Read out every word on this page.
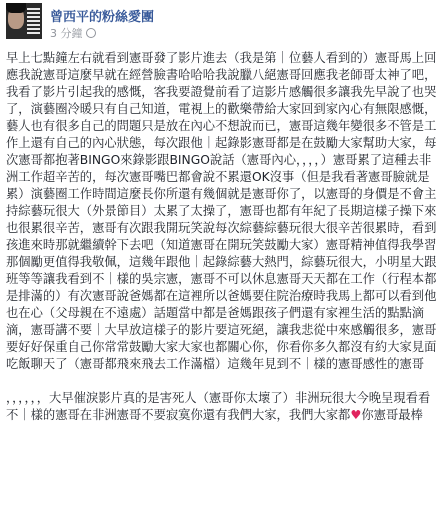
曾西平的粉絲愛團
3 分鐘

早上七點鐘左右就看到憲哥發了影片進去（我是第｜位藝人看到的）憲哥馬上回應我說憲哥這麼早就在經營臉書哈哈哈我說臘八絕憲哥回應我老師哥太神了吧，我看了影片引起我的感慨，客我要證覺前看了這影片感觸很多讓我先早說了也哭了，演藝圈冷暖只有自己知道，電視上的歡樂帶給大家回到家內心有無限感慨，藝人也有很多自己的問題只是放在內心不想說而已，憲哥這幾年變很多不管是工作上還有自己的內心狀態，每次跟他｜起錄影憲哥都是在鼓勵大家幫助大家，每次憲哥都抱著BINGO來錄影跟BINGO說話（憲哥內心，，，，）憲哥累了這種去非洲工作超辛苦的，每次憲哥嘴巴都會說不累還OK沒事（但是我看著憲哥臉就是累）演藝圈工作時間這麼長你所還有幾個就是憲哥你了，以憲哥的身價是不會主持綜藝玩很大（外景節目）太累了太操了，憲哥也都有年紀了長期這樣子操下來也很累很辛苦，憲哥有次跟我開玩笑說每次綜藝綜藝玩很大很辛苦很累時，看到孩進來時那就繼續幹下去吧（知道憲哥在開玩笑鼓勵大家）憲哥精神值得我學習那個勵更值得我敬佩，這幾年跟他｜起錄綜藝大熱門，綜藝玩很大，小明星大跟班等等讓我看到不｜樣的吳宗憲，憲哥不可以休息憲哥天天都在工作（行程本都是排滿的）有次憲哥說爸媽都在這裡所以爸媽要住院治療時我馬上都可以看到他也在心（父母親在不遠處）話題當中都是爸媽跟孩子們還有家裡生活的點點滴滴，憲哥講不要｜大早放這樣子的影片要這死絕，讓我悲從中來感觸很多，憲哥要好好保重自己你常常鼓勵大家大家也都關心你，你看你多久都沒有約大家見面吃飯聊天了（憲哥都飛來飛去工作滿檔）這幾年見到不｜樣的憲哥感性的憲哥

，，，，，，大早催淚影片真的是害死人（憲哥你太壞了）非洲玩很大今晚呈現看看不｜樣的憲哥在非洲憲哥不要寂寞你還有我們大家，我們大家都♥你憲哥最棒
